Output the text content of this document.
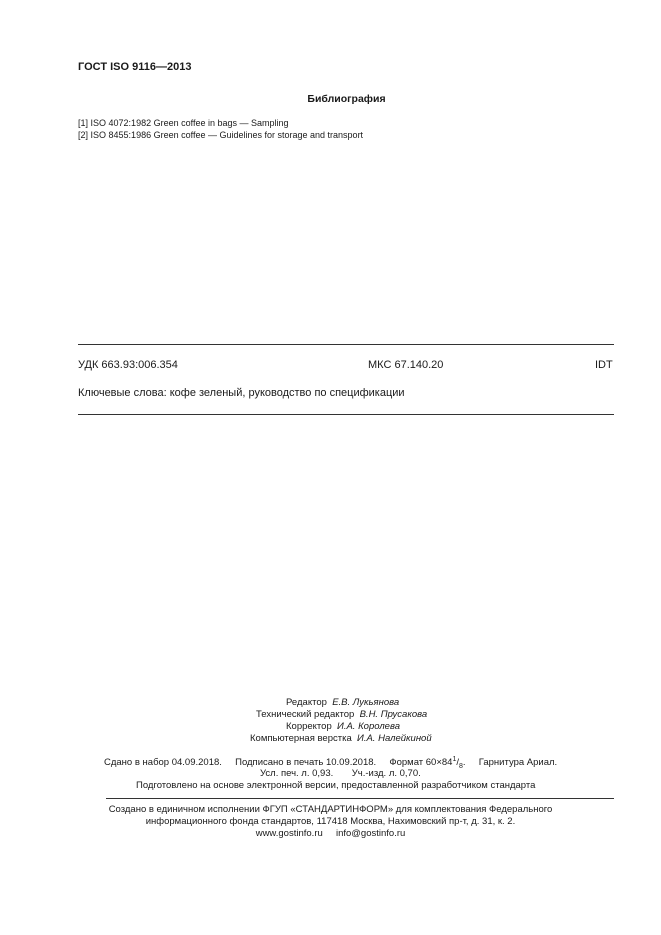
ГОСТ ISO 9116—2013
Библиография
[1] ISO 4072:1982 Green coffee in bags — Sampling
[2] ISO 8455:1986 Green coffee — Guidelines for storage and transport
УДК 663.93:006.354	МКС 67.140.20	IDT
Ключевые слова: кофе зеленый, руководство по спецификации
Редактор Е.В. Лукьянова
Технический редактор В.Н. Прусакова
Корректор И.А. Королева
Компьютерная верстка И.А. Налейкиной
Сдано в набор 04.09.2018. Подписано в печать 10.09.2018. Формат $60\times 84^1/_8$. Гарнитура Ариал.
Усл. печ. л. 0,93. Уч.-изд. л. 0,70.
Подготовлено на основе электронной версии, предоставленной разработчиком стандарта
Создано в единичном исполнении ФГУП «СТАНДАРТИНФОРМ» для комплектования Федерального
информационного фонда стандартов, 117418 Москва, Нахимовский пр-т, д. 31, к. 2.
www.gostinfo.ru info@gostinfo.ru
